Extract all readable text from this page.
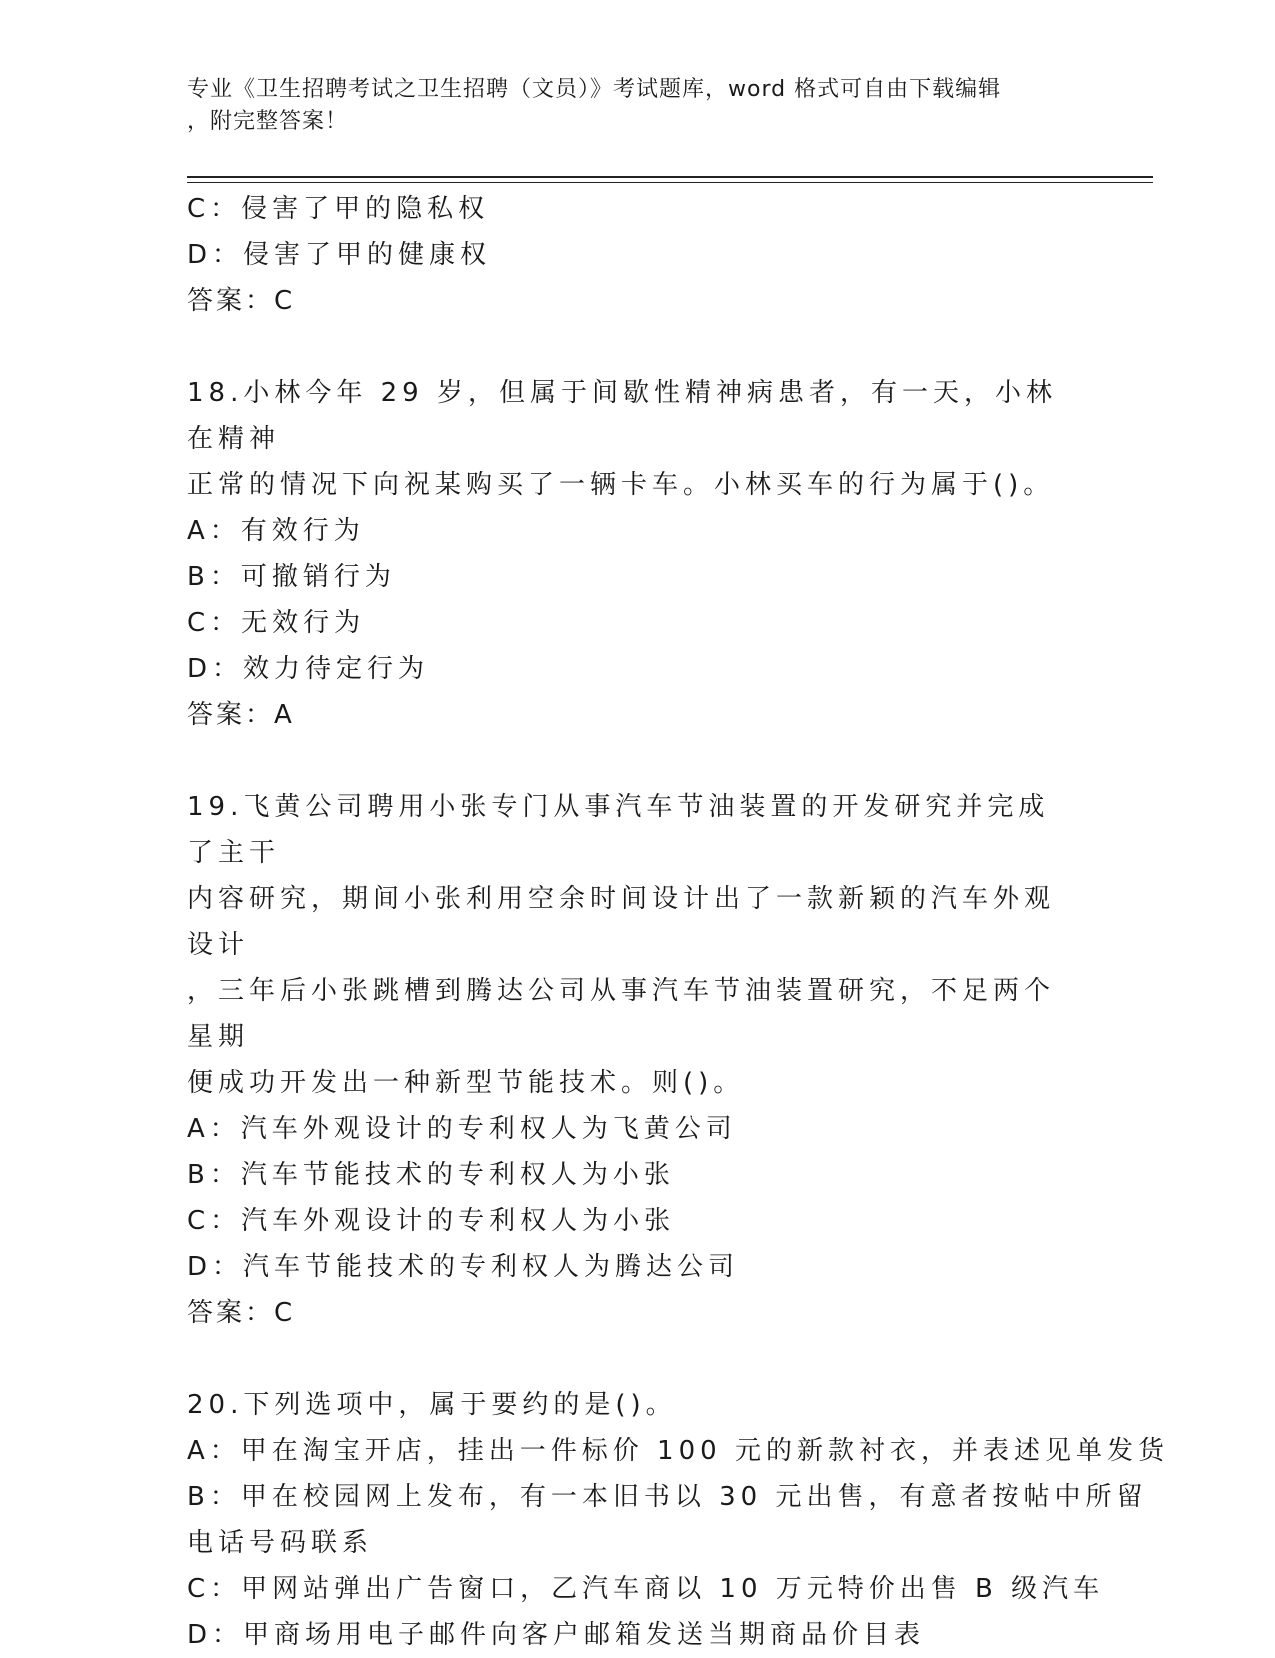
专业《卫生招聘考试之卫生招聘（文员）》考试题库，word 格式可自由下载编辑
，附完整答案！
C：侵害了甲的隐私权
D：侵害了甲的健康权
答案：C
18.小林今年 29 岁，但属于间歇性精神病患者，有一天，小林在精神
正常的情况下向祝某购买了一辆卡车。小林买车的行为属于()。
A：有效行为
B：可撤销行为
C：无效行为
D：效力待定行为
答案：A
19.飞黄公司聘用小张专门从事汽车节油装置的开发研究并完成了主干
内容研究，期间小张利用空余时间设计出了一款新颖的汽车外观设计
，三年后小张跳槽到腾达公司从事汽车节油装置研究，不足两个星期
便成功开发出一种新型节能技术。则()。
A：汽车外观设计的专利权人为飞黄公司
B：汽车节能技术的专利权人为小张
C：汽车外观设计的专利权人为小张
D：汽车节能技术的专利权人为腾达公司
答案：C
20.下列选项中，属于要约的是()。
A：甲在淘宝开店，挂出一件标价 100 元的新款衬衣，并表述见单发货
B：甲在校园网上发布，有一本旧书以 30 元出售，有意者按帖中所留
电话号码联系
C：甲网站弹出广告窗口，乙汽车商以 10 万元特价出售 B 级汽车
D：甲商场用电子邮件向客户邮箱发送当期商品价目表
